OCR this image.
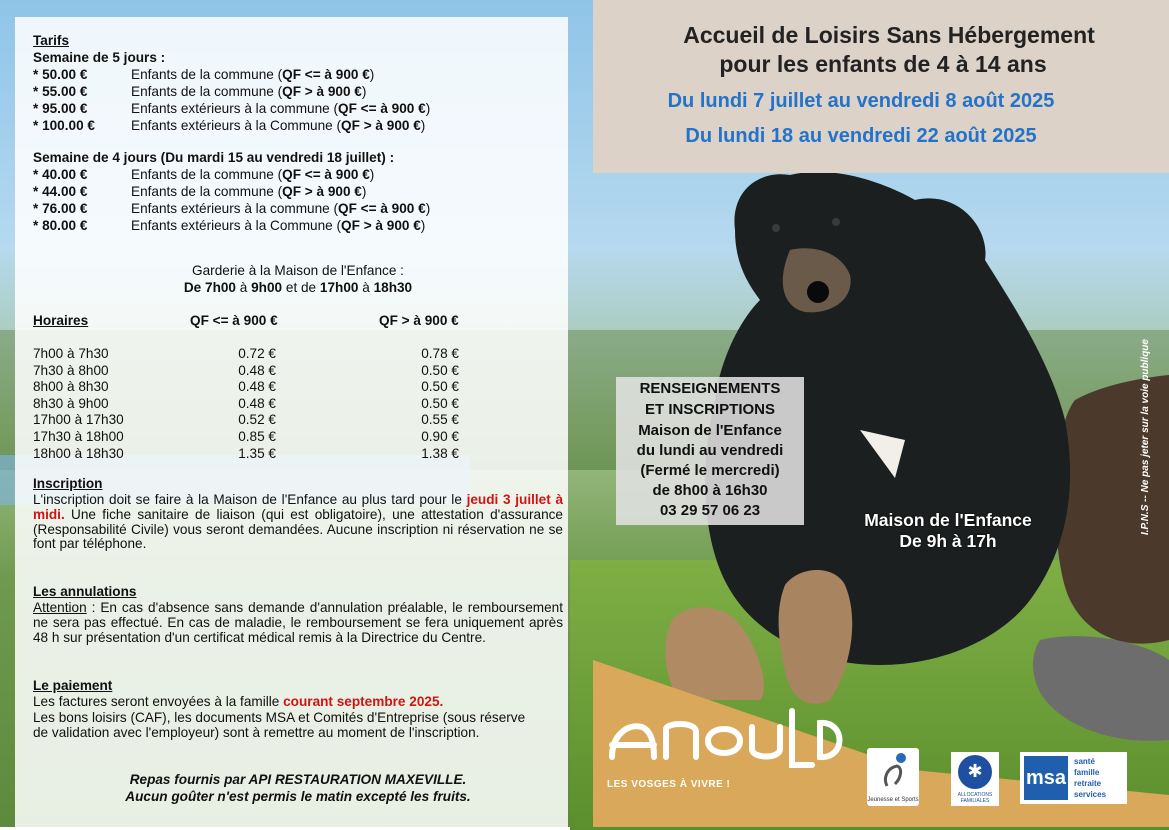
Tarifs
Semaine de 5 jours :
* 50.00 €	Enfants de la commune (QF <= à 900 €)
* 55.00 €	Enfants de la commune (QF > à 900 €)
* 95.00 €	Enfants extérieurs à la commune (QF <= à 900 €)
* 100.00 €	Enfants extérieurs à la Commune (QF > à 900 €)
Semaine de 4 jours (Du mardi 15 au vendredi 18 juillet) :
* 40.00 €	Enfants de la commune (QF <= à 900 €)
* 44.00 €	Enfants de la commune (QF > à 900 €)
* 76.00 €	Enfants extérieurs à la commune (QF <= à 900 €)
* 80.00 €	Enfants extérieurs à la Commune (QF > à 900 €)
Garderie à la Maison de l'Enfance :
De 7h00 à 9h00 et de 17h00 à 18h30
Horaires	QF <= à 900 €	QF > à 900 €
7h00 à 7h30	0.72 €	0.78 €
7h30 à 8h00	0.48 €	0.50 €
8h00 à 8h30	0.48 €	0.50 €
8h30 à 9h00	0.48 €	0.50 €
17h00 à 17h30	0.52 €	0.55 €
17h30 à 18h00	0.85 €	0.90 €
18h00 à 18h30	1.35 €	1.38 €
Inscription
L'inscription doit se faire à la Maison de l'Enfance au plus tard pour le jeudi 3 juillet à midi. Une fiche sanitaire de liaison (qui est obligatoire), une attestation d'assurance (Responsabilité Civile) vous seront demandées. Aucune inscription ni réservation ne se font par téléphone.
Les annulations
Attention : En cas d'absence sans demande d'annulation préalable, le remboursement ne sera pas effectué. En cas de maladie, le remboursement se fera uniquement après 48 h sur présentation d'un certificat médical remis à la Directrice du Centre.
Le paiement
Les factures seront envoyées à la famille courant septembre 2025.
Les bons loisirs (CAF), les documents MSA et Comités d'Entreprise (sous réserve de validation avec l'employeur) sont à remettre au moment de l'inscription.
Repas fournis par API RESTAURATION MAXEVILLE.
Aucun goûter n'est permis le matin excepté les fruits.
Accueil de Loisirs Sans Hébergement
pour les enfants de 4 à 14 ans
Du lundi 7 juillet au vendredi 8 août 2025
Du lundi 18 au vendredi 22 août 2025
RENSEIGNEMENTS
ET INSCRIPTIONS
Maison de l'Enfance
du lundi au vendredi
(Fermé le mercredi)
de 8h00 à 16h30
03 29 57 06 23	Maison de l'Enfance
De 9h à 17h
I.P.N.S -- Ne pas jeter sur la voie publique
LES VOSGES À VIVRE !
Jeunesse et Sports
✱
ALLOCATIONS FAMILIALES
msa
santé
famille
retraite
services
